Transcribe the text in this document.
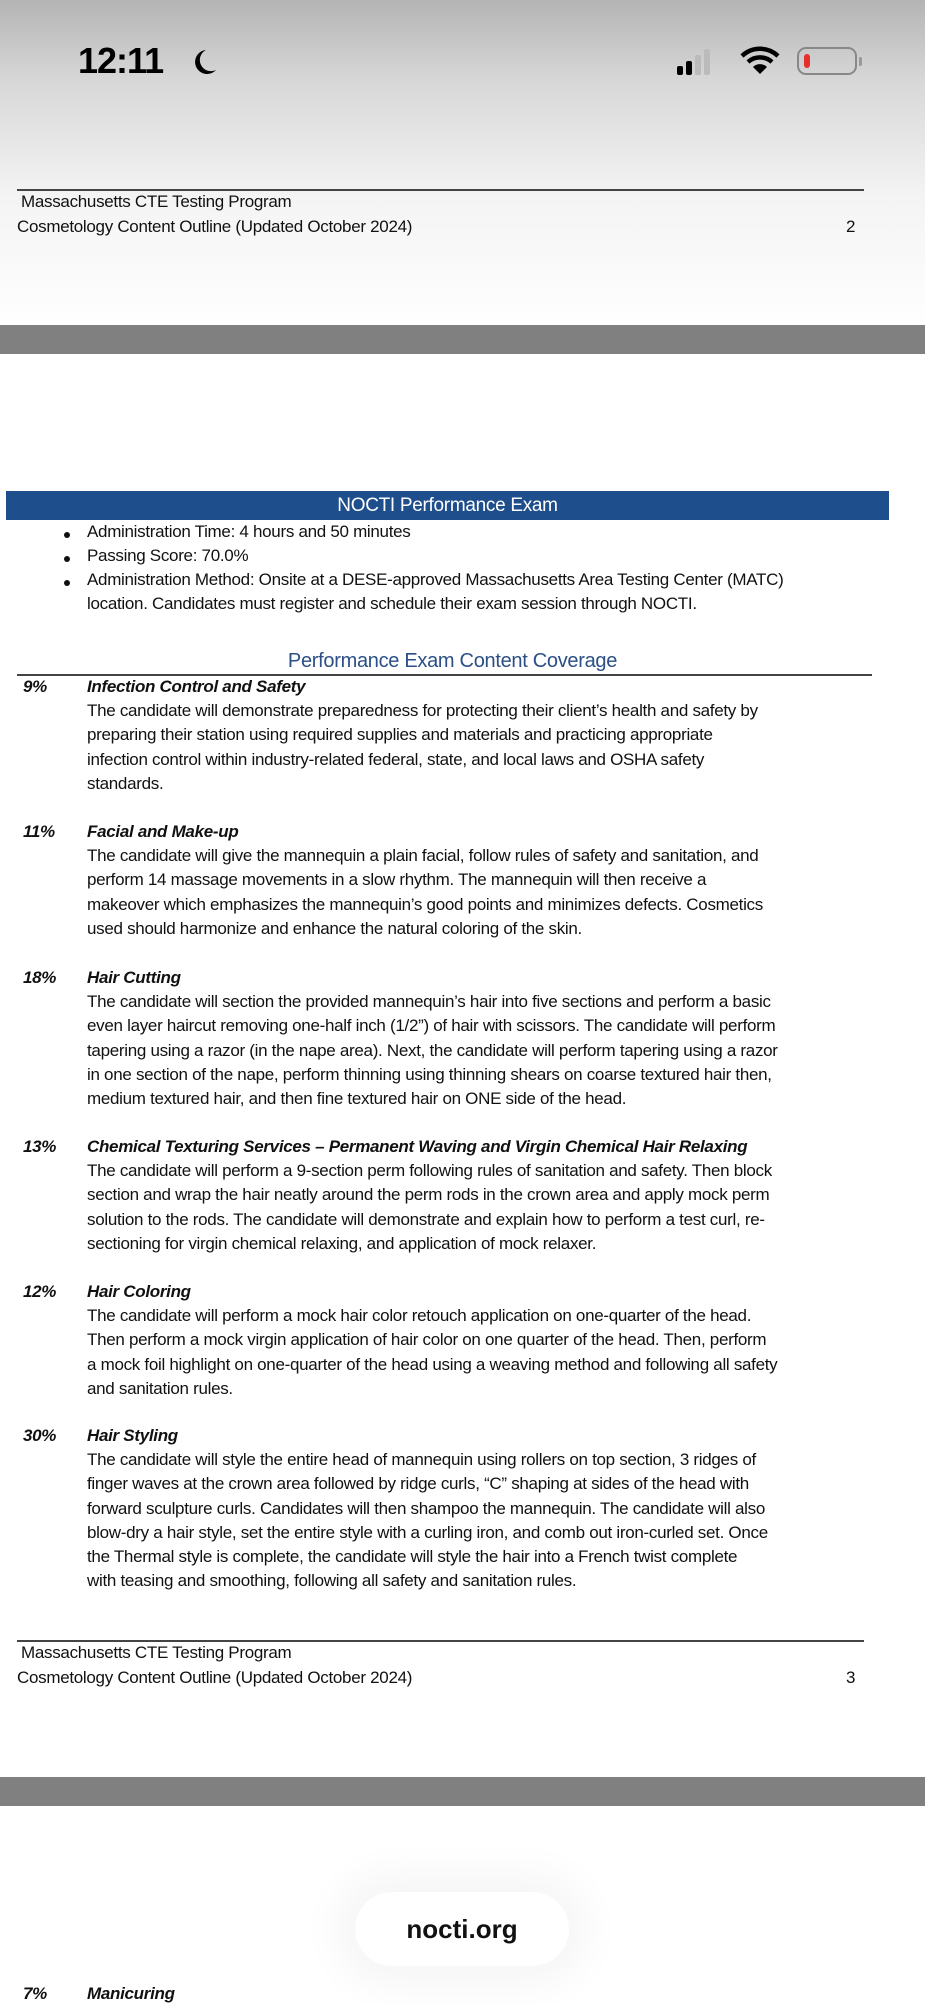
12:11
Massachusetts CTE Testing Program
Cosmetology Content Outline (Updated October 2024)	2
NOCTI Performance Exam
Administration Time: 4 hours and 50 minutes
Passing Score: 70.0%
Administration Method: Onsite at a DESE-approved Massachusetts Area Testing Center (MATC)
location. Candidates must register and schedule their exam session through NOCTI.
Performance Exam Content Coverage
9% Infection Control and Safety
The candidate will demonstrate preparedness for protecting their client’s health and safety by
preparing their station using required supplies and materials and practicing appropriate
infection control within industry-related federal, state, and local laws and OSHA safety
standards.
11% Facial and Make-up
The candidate will give the mannequin a plain facial, follow rules of safety and sanitation, and
perform 14 massage movements in a slow rhythm. The mannequin will then receive a
makeover which emphasizes the mannequin’s good points and minimizes defects. Cosmetics
used should harmonize and enhance the natural coloring of the skin.
18% Hair Cutting
The candidate will section the provided mannequin’s hair into five sections and perform a basic
even layer haircut removing one-half inch (1/2”) of hair with scissors. The candidate will perform
tapering using a razor (in the nape area). Next, the candidate will perform tapering using a razor
in one section of the nape, perform thinning using thinning shears on coarse textured hair then,
medium textured hair, and then fine textured hair on ONE side of the head.
13% Chemical Texturing Services – Permanent Waving and Virgin Chemical Hair Relaxing
The candidate will perform a 9-section perm following rules of sanitation and safety. Then block
section and wrap the hair neatly around the perm rods in the crown area and apply mock perm
solution to the rods. The candidate will demonstrate and explain how to perform a test curl, re-
sectioning for virgin chemical relaxing, and application of mock relaxer.
12% Hair Coloring
The candidate will perform a mock hair color retouch application on one-quarter of the head.
Then perform a mock virgin application of hair color on one quarter of the head. Then, perform
a mock foil highlight on one-quarter of the head using a weaving method and following all safety
and sanitation rules.
30% Hair Styling
The candidate will style the entire head of mannequin using rollers on top section, 3 ridges of
finger waves at the crown area followed by ridge curls, “C” shaping at sides of the head with
forward sculpture curls. Candidates will then shampoo the mannequin. The candidate will also
blow-dry a hair style, set the entire style with a curling iron, and comb out iron-curled set. Once
the Thermal style is complete, the candidate will style the hair into a French twist complete
with teasing and smoothing, following all safety and sanitation rules.
Massachusetts CTE Testing Program
Cosmetology Content Outline (Updated October 2024)	3
7% Manicuring
nocti.org
